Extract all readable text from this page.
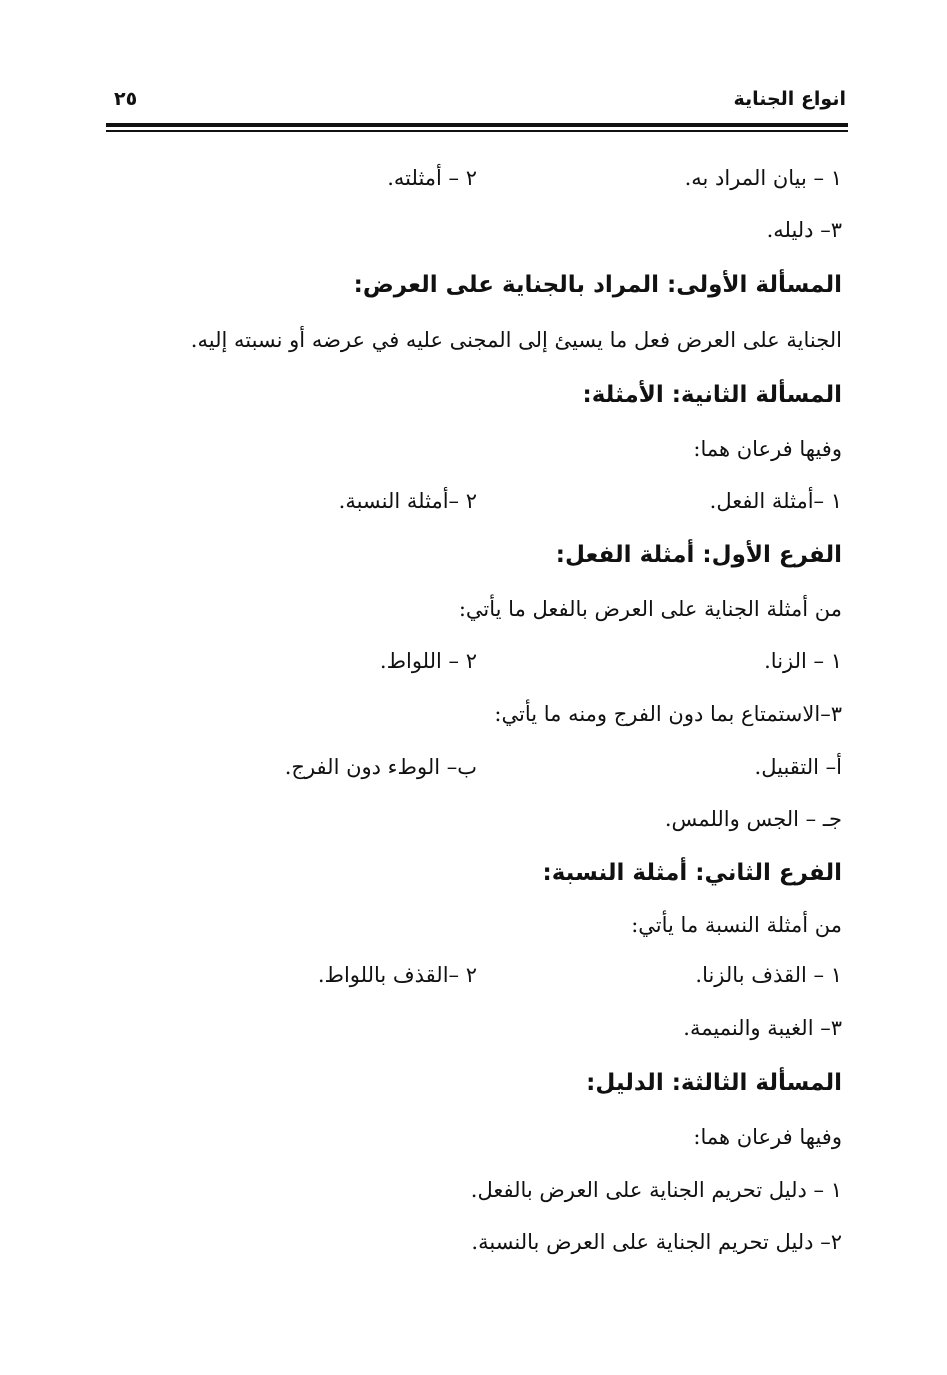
انواع الجناية
٢٥
١ – بيان المراد به.
٢ – أمثلته.
٣– دليله.
المسألة الأولى: المراد بالجناية على العرض:
الجناية على العرض فعل ما يسيئ إلى المجنى عليه في عرضه أو نسبته إليه.
المسألة الثانية: الأمثلة:
وفيها فرعان هما:
١ –أمثلة الفعل.
٢ –أمثلة النسبة.
الفرع الأول: أمثلة الفعل:
من أمثلة الجناية على العرض بالفعل ما يأتي:
١ – الزنا.
٢ – اللواط.
٣–الاستمتاع بما دون الفرج ومنه ما يأتي:
أ– التقبيل.
ب– الوطء دون الفرج.
جـ – الجس واللمس.
الفرع الثاني: أمثلة النسبة:
من أمثلة النسبة ما يأتي:
١ – القذف بالزنا.
٢ –القذف باللواط.
٣– الغيبة والنميمة.
المسألة الثالثة: الدليل:
وفيها فرعان هما:
١ – دليل تحريم الجناية على العرض بالفعل.
٢– دليل تحريم الجناية على العرض بالنسبة.
